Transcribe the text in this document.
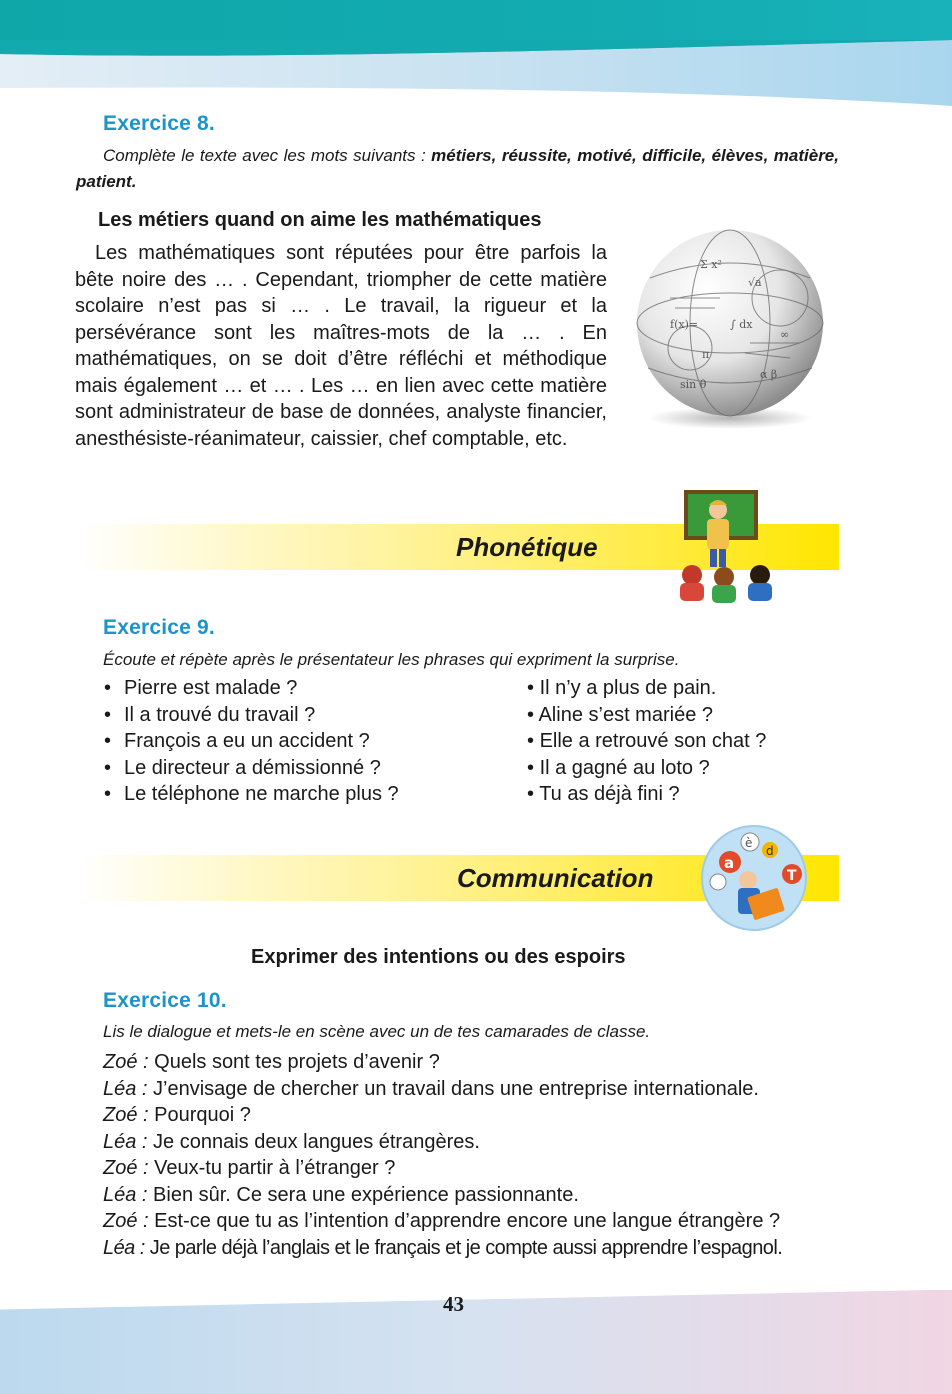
Exercice 8.
Complète le texte avec les mots suivants : métiers, réussite, motivé, difficile, élèves, matière, patient.
Les métiers quand on aime les mathématiques
 Les mathématiques sont réputées pour être parfois la bête noire des … . Cependant, triompher de cette matière scolaire n’est pas si … . Le travail, la rigueur et la persévérance sont les maîtres-mots de la … . En mathématiques, on se doit d’être réfléchi et méthodique mais également … et … . Les … en lien avec cette matière sont administrateur de base de données, analyste financier, anesthésiste-réanimateur, caissier, chef comptable, etc.
Σ x²
√a
f(x)=	∫ dx
π
α β
∞
sin θ
Phonétique
Exercice 9.
Écoute et répète après le présentateur les phrases qui expriment la surprise.
• Pierre est malade ?
• Il a trouvé du travail ?
• François a eu un accident ?
• Le directeur a démissionné ?
• Le téléphone ne marche plus ?
• Il n’y a plus de pain.
• Aline s’est mariée ?
• Elle a retrouvé son chat ?
• Il a gagné au loto ?
• Tu as déjà fini ?
Communication
è
a
d
T
Exprimer des intentions ou des espoirs
Exercice 10.
Lis le dialogue et mets-le en scène avec un de tes camarades de classe.
Zoé : Quels sont tes projets d’avenir ?
Léa : J’envisage de chercher un travail dans une entreprise internationale.
Zoé : Pourquoi ?
Léa : Je connais deux langues étrangères.
Zoé : Veux-tu partir à l’étranger ?
Léa : Bien sûr. Ce sera une expérience passionnante.
Zoé : Est-ce que tu as l’intention d’apprendre encore une langue étrangère ?
Léa : Je parle déjà l’anglais et le français et je compte aussi apprendre l’espagnol.
43
